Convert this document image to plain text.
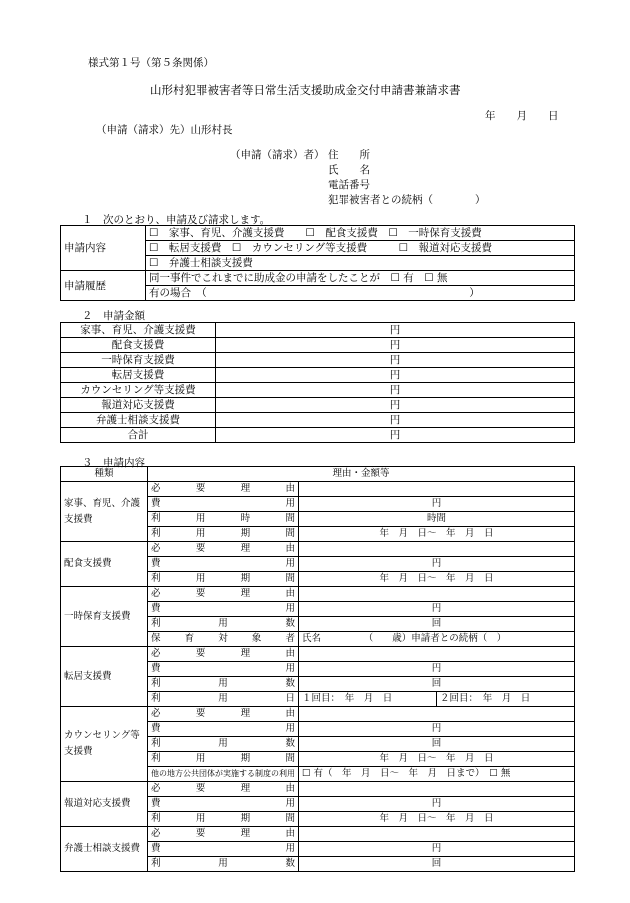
様式第１号（第５条関係）
山形村犯罪被害者等日常生活支援助成金交付申請書兼請求書
年　　月　　日
（申請（請求）先）山形村長
（申請（請求）者） 住　　所
氏　　名
電話番号
犯罪被害者との続柄（　　　　）
１　次のとおり、申請及び請求します。
申請内容	☐　家事、育児、介護支援費　　☐　配食支援費　☐　一時保育支援費
	☐　転居支援費　☐　カウンセリング等支援費　　　☐　報道対応支援費
	☐　弁護士相談支援費
申請履歴	同一事件でこれまでに助成金の申請をしたことが　☐ 有　☐ 無
	有の場合　（　　　　　　　　　　　　　　　　　　　　　　　　　）
２　申請金額
家事、育児、介護支援費	円
配食支援費	円
一時保育支援費	円
転居支援費	円
カウンセリング等支援費	円
報道対応支援費	円
弁護士相談支援費	円
合計	円
３　申請内容
種類	理由・金額等		
家事、育児、介護支援費	必要理由		
	費用	円	
	利用時間	時間	
	利用期間	年　月　日～　年　月　日	
配食支援費	必要理由		
	費用	円	
	利用期間	年　月　日～　年　月　日	
一時保育支援費	必要理由		
	費用	円	
	利用数	回	
	保育対象者	氏名　　　　　（　　歳）申請者との続柄（　）	
転居支援費	必要理由		
	費用	円	
	利用数	回	
	利用日	１回目：　年　月　日	２回目：　年　月　日
カウンセリング等支援費	必要理由		
	費用	円	
	利用数	回	
	利用期間	年　月　日～　年　月　日	
	他の地方公共団体が実施する制度の利用	☐ 有（　年　月　日～　年　月　日まで）　☐ 無	
報道対応支援費	必要理由		
	費用	円	
	利用期間	年　月　日～　年　月　日	
弁護士相談支援費	必要理由		
	費用	円	
	利用数	回	
